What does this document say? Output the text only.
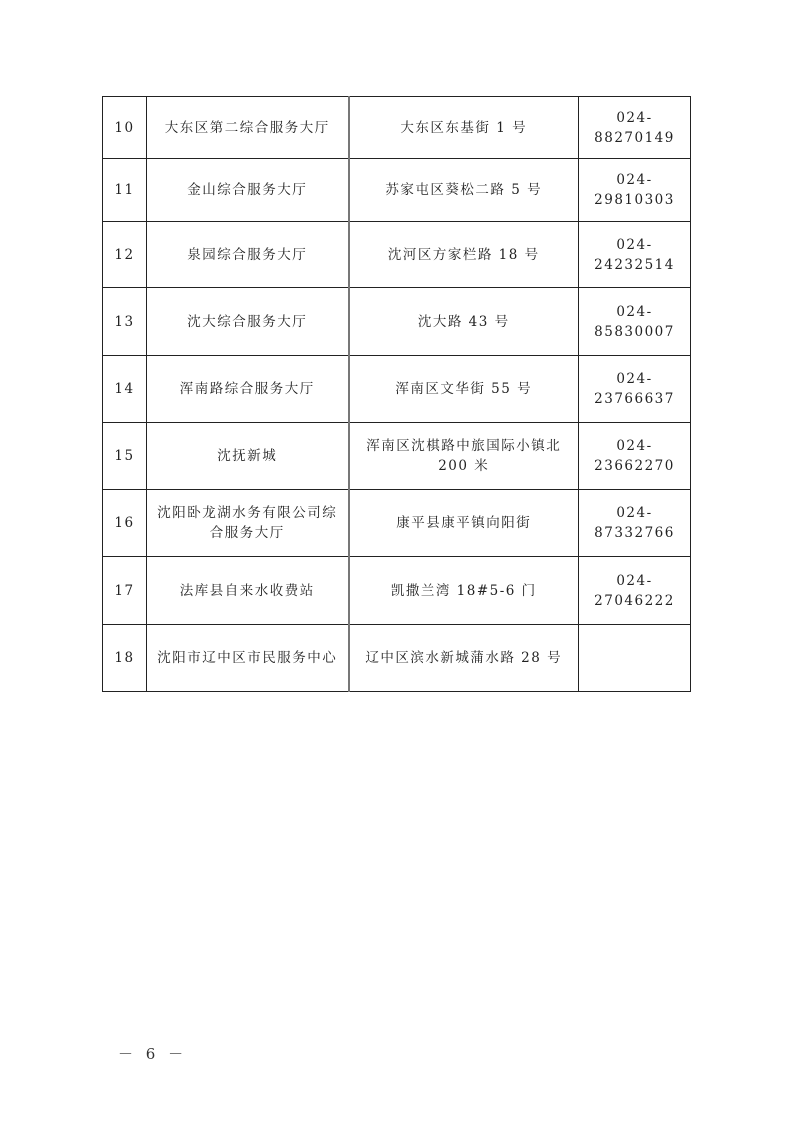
10	大东区第二综合服务大厅	大东区东基街 1 号	024-88270149
11	金山综合服务大厅	苏家屯区葵松二路 5 号	024-29810303
12	泉园综合服务大厅	沈河区方家栏路 18 号	024-24232514
13	沈大综合服务大厅	沈大路 43 号	024-85830007
14	浑南路综合服务大厅	浑南区文华街 55 号	024-23766637
15	沈抚新城	浑南区沈棋路中旅国际小镇北 200 米	024-23662270
16	沈阳卧龙湖水务有限公司综合服务大厅	康平县康平镇向阳街	024-87332766
17	法库县自来水收费站	凯撒兰湾 18#5-6 门	024-27046222
18	沈阳市辽中区市民服务中心	辽中区滨水新城蒲水路 28 号	
－ 6 －
